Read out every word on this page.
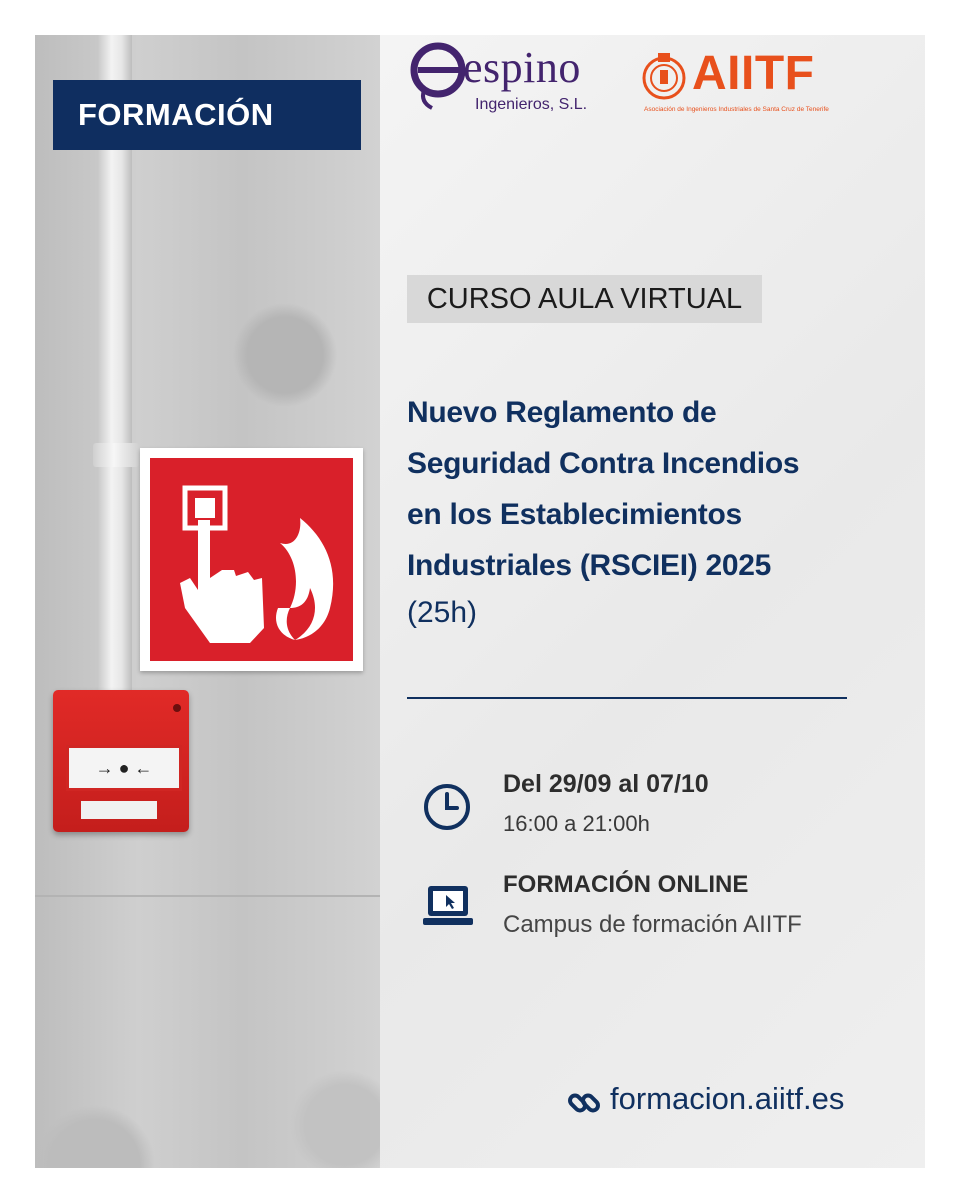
→ ● ←
FORMACIÓN
espino
Ingenieros, S.L.
AIITF
Asociación de Ingenieros Industriales de Santa Cruz de Tenerife
CURSO AULA VIRTUAL
Nuevo Reglamento de
Seguridad Contra Incendios
en los Establecimientos
Industriales (RSCIEI) 2025
(25h)
Del 29/09 al 07/10
16:00 a 21:00h
FORMACIÓN ONLINE
Campus de formación AIITF
formacion.aiitf.es
